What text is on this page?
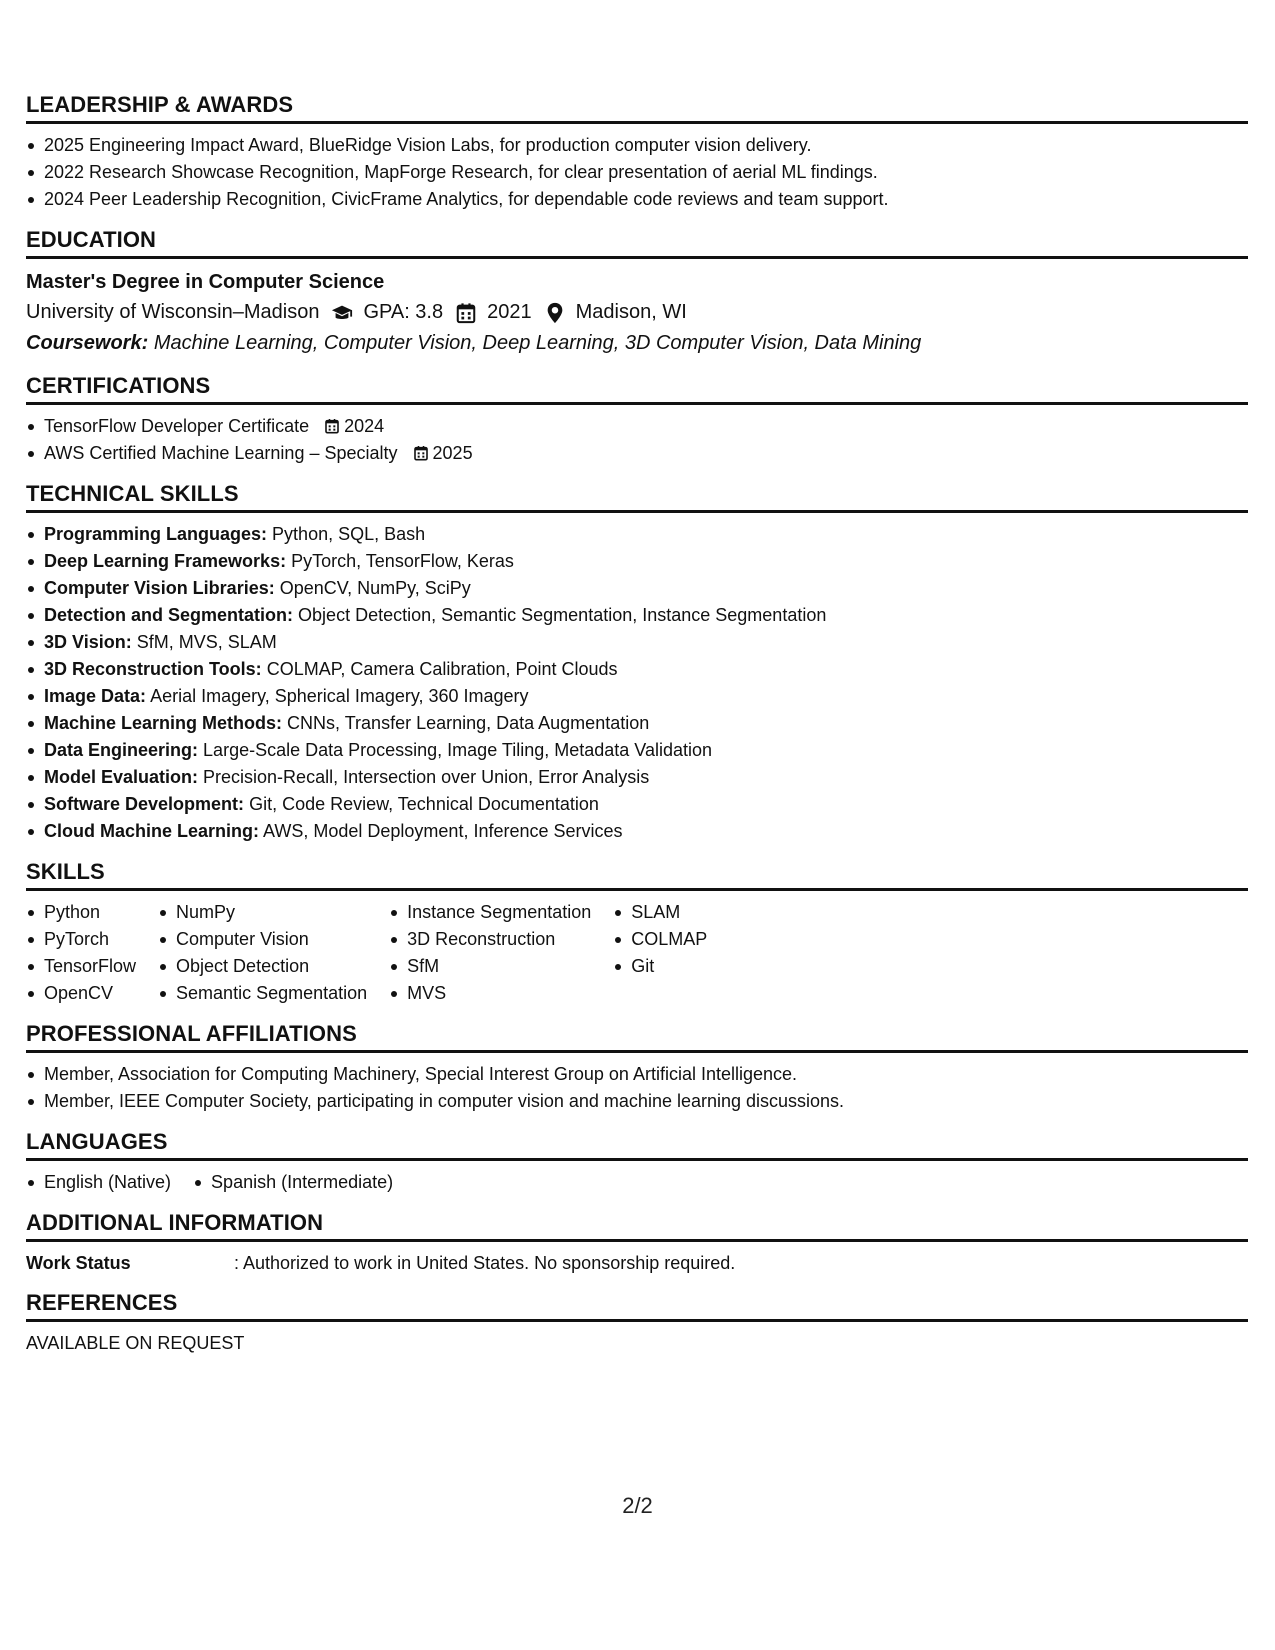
LEADERSHIP & AWARDS
2025 Engineering Impact Award, BlueRidge Vision Labs, for production computer vision delivery.
2022 Research Showcase Recognition, MapForge Research, for clear presentation of aerial ML findings.
2024 Peer Leadership Recognition, CivicFrame Analytics, for dependable code reviews and team support.
EDUCATION
Master's Degree in Computer Science
University of Wisconsin–Madison GPA: 3.8 2021 Madison, WI
Coursework: Machine Learning, Computer Vision, Deep Learning, 3D Computer Vision, Data Mining
CERTIFICATIONS
TensorFlow Developer Certificate 2024
AWS Certified Machine Learning – Specialty 2025
TECHNICAL SKILLS
Programming Languages: Python, SQL, Bash
Deep Learning Frameworks: PyTorch, TensorFlow, Keras
Computer Vision Libraries: OpenCV, NumPy, SciPy
Detection and Segmentation: Object Detection, Semantic Segmentation, Instance Segmentation
3D Vision: SfM, MVS, SLAM
3D Reconstruction Tools: COLMAP, Camera Calibration, Point Clouds
Image Data: Aerial Imagery, Spherical Imagery, 360 Imagery
Machine Learning Methods: CNNs, Transfer Learning, Data Augmentation
Data Engineering: Large-Scale Data Processing, Image Tiling, Metadata Validation
Model Evaluation: Precision-Recall, Intersection over Union, Error Analysis
Software Development: Git, Code Review, Technical Documentation
Cloud Machine Learning: AWS, Model Deployment, Inference Services
SKILLS
Python
PyTorch
TensorFlow
OpenCV
NumPy
Computer Vision
Object Detection
Semantic Segmentation
Instance Segmentation
3D Reconstruction
SfM
MVS
SLAM
COLMAP
Git
PROFESSIONAL AFFILIATIONS
Member, Association for Computing Machinery, Special Interest Group on Artificial Intelligence.
Member, IEEE Computer Society, participating in computer vision and machine learning discussions.
LANGUAGES
English (Native) Spanish (Intermediate)
ADDITIONAL INFORMATION
Work Status	: Authorized to work in United States. No sponsorship required.
REFERENCES
AVAILABLE ON REQUEST
2/2
